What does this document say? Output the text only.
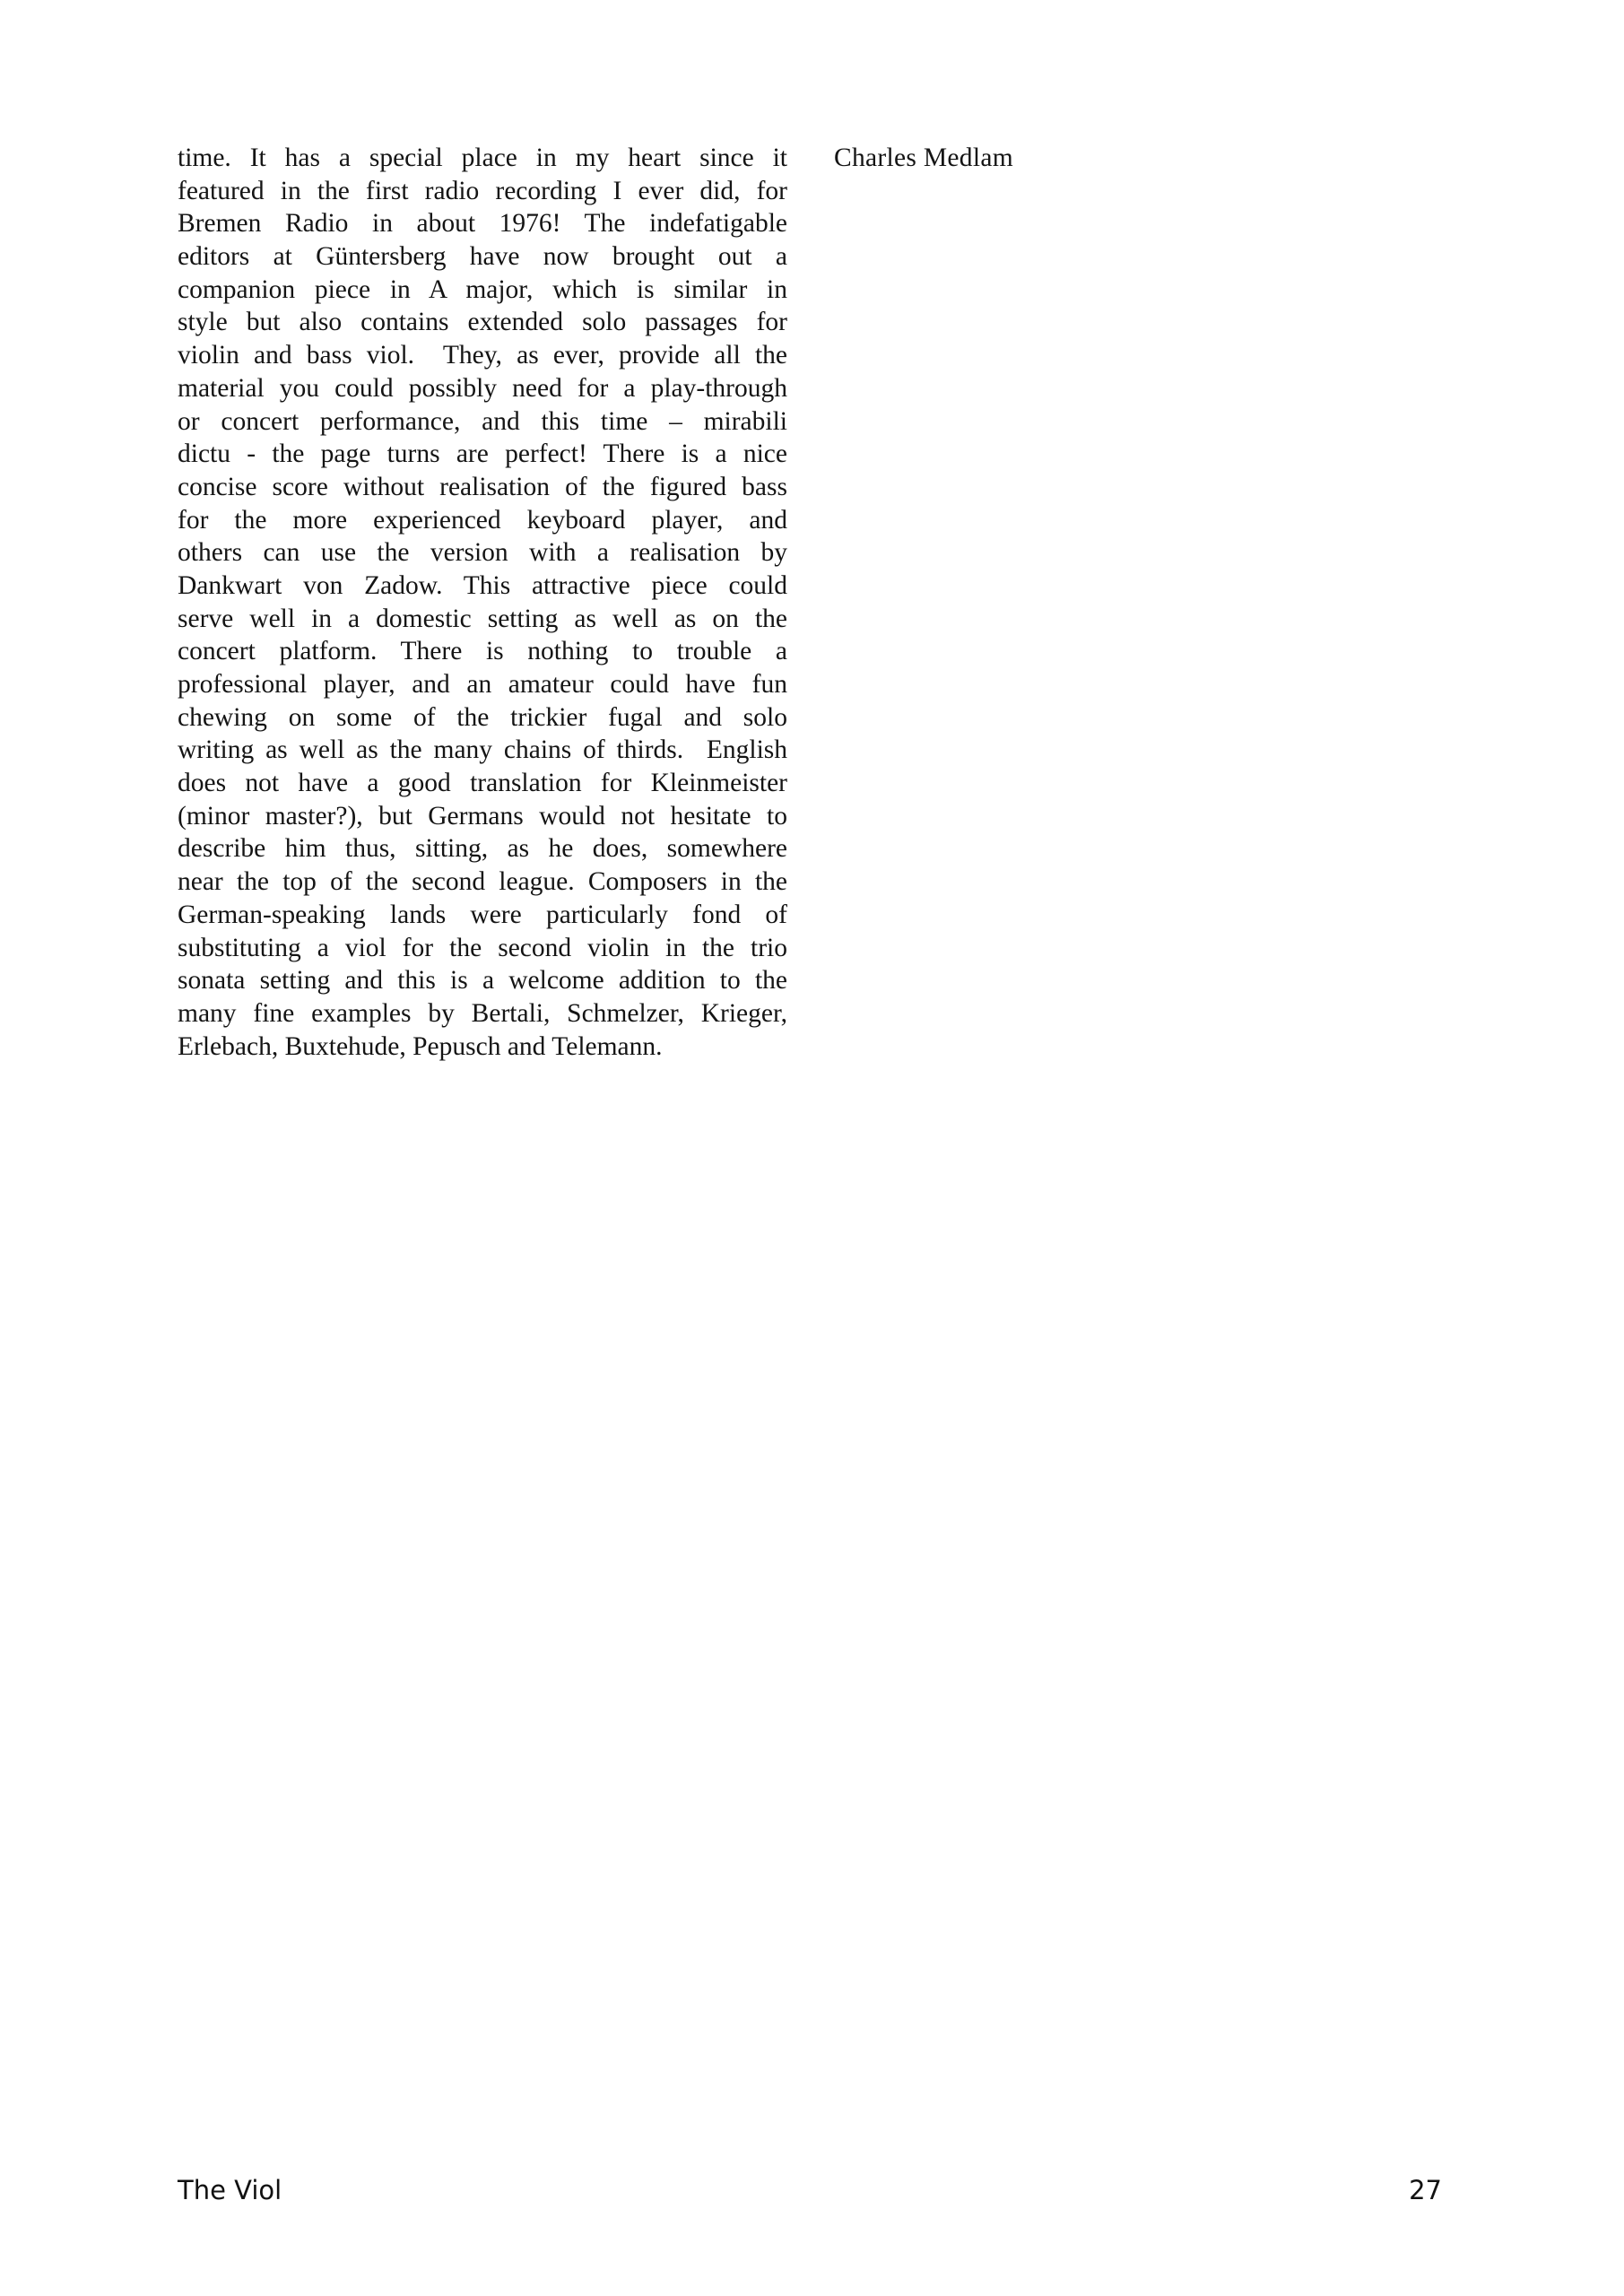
time. It has a special place in my heart since it
featured in the first radio recording I ever did, for
Bremen Radio in about 1976! The indefatigable
editors at Güntersberg have now brought out a
companion piece in A major, which is similar in
style but also contains extended solo passages for
violin and bass viol.  They, as ever, provide all the
material you could possibly need for a play-through
or concert performance, and this time – mirabili
dictu - the page turns are perfect! There is a nice
concise score without realisation of the figured bass
for the more experienced keyboard player, and
others can use the version with a realisation by
Dankwart von Zadow. This attractive piece could
serve well in a domestic setting as well as on the
concert platform. There is nothing to trouble a
professional player, and an amateur could have fun
chewing on some of the trickier fugal and solo
writing as well as the many chains of thirds.  English
does not have a good translation for Kleinmeister
(minor master?), but Germans would not hesitate to
describe him thus, sitting, as he does, somewhere
near the top of the second league. Composers in the
German-speaking lands were particularly fond of
substituting a viol for the second violin in the trio
sonata setting and this is a welcome addition to the
many fine examples by Bertali, Schmelzer, Krieger,
Erlebach, Buxtehude, Pepusch and Telemann.
Charles Medlam
The Viol	27
